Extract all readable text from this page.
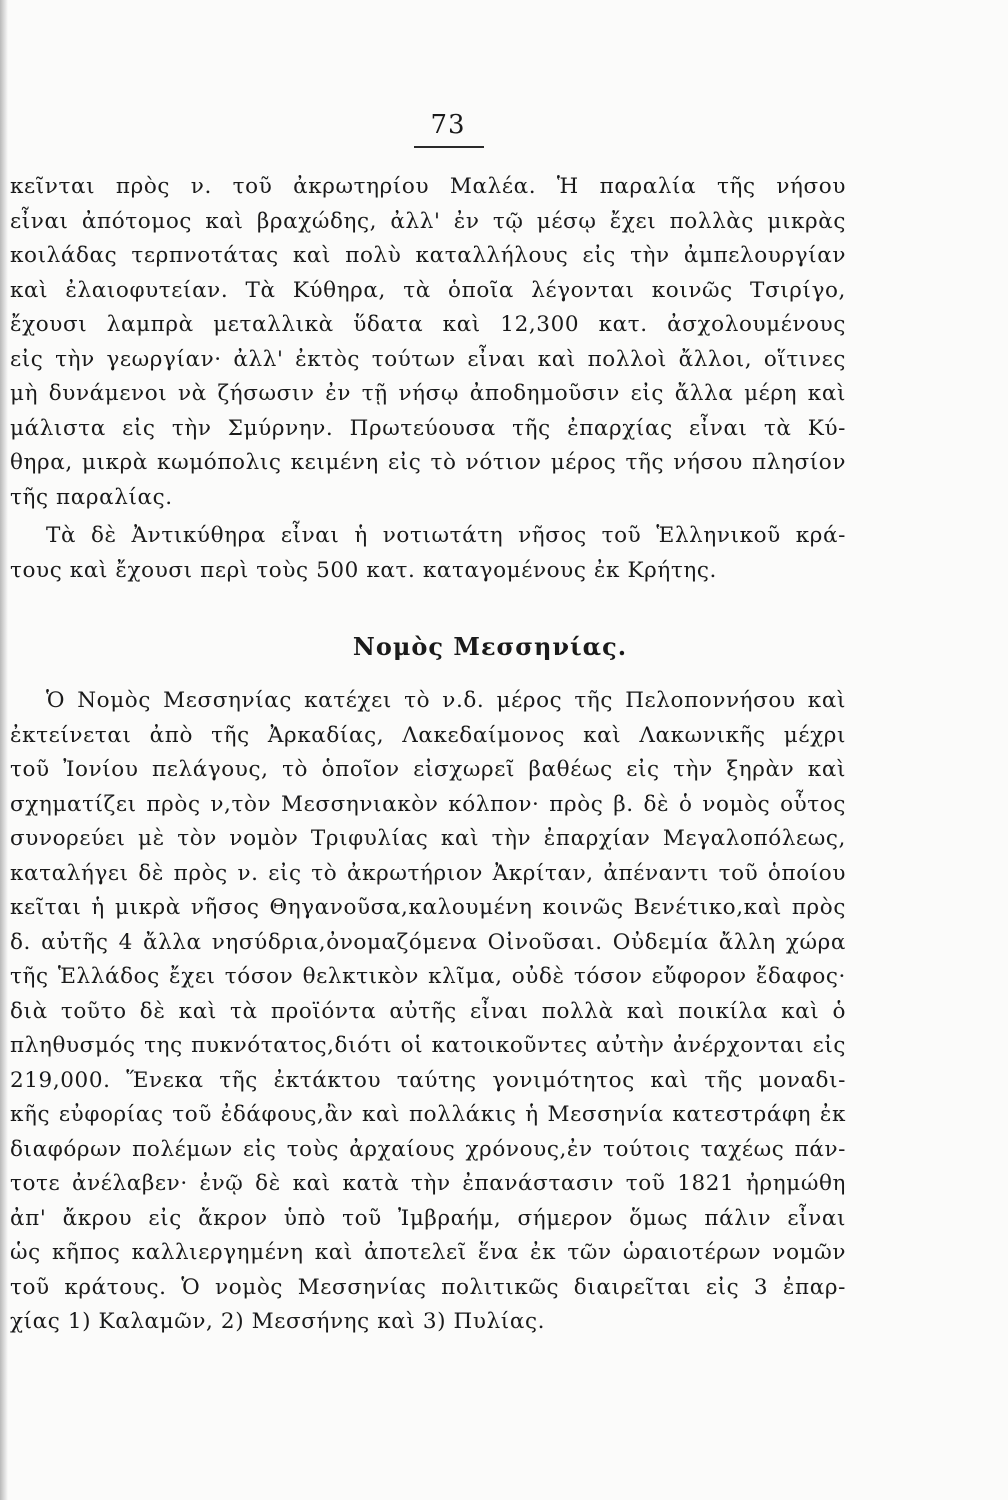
73
κεῖνται πρὸς ν. τοῦ ἀκρωτηρίου Μαλέα. Ἡ παραλία τῆς νήσου
εἶναι ἀπότομος καὶ βραχώδης, ἀλλ' ἐν τῷ μέσῳ ἔχει πολλὰς μικρὰς
κοιλάδας τερπνοτάτας καὶ πολὺ καταλλήλους εἰς τὴν ἀμπελουργίαν
καὶ ἐλαιοφυτείαν. Τὰ Κύθηρα, τὰ ὁποῖα λέγονται κοινῶς Τσιρίγο,
ἔχουσι λαμπρὰ μεταλλικὰ ὕδατα καὶ 12,300 κατ. ἀσχολουμένους
εἰς τὴν γεωργίαν· ἀλλ' ἐκτὸς τούτων εἶναι καὶ πολλοὶ ἄλλοι, οἵτινες
μὴ δυνάμενοι νὰ ζήσωσιν ἐν τῇ νήσῳ ἀποδημοῦσιν εἰς ἄλλα μέρη καὶ
μάλιστα εἰς τὴν Σμύρνην. Πρωτεύουσα τῆς ἐπαρχίας εἶναι τὰ Κύ-
θηρα, μικρὰ κωμόπολις κειμένη εἰς τὸ νότιον μέρος τῆς νήσου πλησίον
τῆς παραλίας.
Τὰ δὲ Ἀντικύθηρα εἶναι ἡ νοτιωτάτη νῆσος τοῦ Ἑλληνικοῦ κρά-
τους καὶ ἔχουσι περὶ τοὺς 500 κατ. καταγομένους ἐκ Κρήτης.
Νομὸς Μεσσηνίας.
Ὁ Νομὸς Μεσσηνίας κατέχει τὸ ν.δ. μέρος τῆς Πελοποννήσου καὶ
ἐκτείνεται ἀπὸ τῆς Ἀρκαδίας, Λακεδαίμονος καὶ Λακωνικῆς μέχρι
τοῦ Ἰονίου πελάγους, τὸ ὁποῖον εἰσχωρεῖ βαθέως εἰς τὴν ξηρὰν καὶ
σχηματίζει πρὸς ν,τὸν Μεσσηνιακὸν κόλπον· πρὸς β. δὲ ὁ νομὸς οὗτος
συνορεύει μὲ τὸν νομὸν Τριφυλίας καὶ τὴν ἐπαρχίαν Μεγαλοπόλεως,
καταλήγει δὲ πρὸς ν. εἰς τὸ ἀκρωτήριον Ἀκρίταν, ἀπέναντι τοῦ ὁποίου
κεῖται ἡ μικρὰ νῆσος Θηγανοῦσα,καλουμένη κοινῶς Βενέτικο,καὶ πρὸς
δ. αὐτῆς 4 ἄλλα νησύδρια,ὀνομαζόμενα Οἰνοῦσαι. Οὐδεμία ἄλλη χώρα
τῆς Ἑλλάδος ἔχει τόσον θελκτικὸν κλῖμα, οὐδὲ τόσον εὔφορον ἔδαφος·
διὰ τοῦτο δὲ καὶ τὰ προϊόντα αὐτῆς εἶναι πολλὰ καὶ ποικίλα καὶ ὁ
πληθυσμός της πυκνότατος,διότι οἱ κατοικοῦντες αὐτὴν ἀνέρχονται εἰς
219,000. Ἕνεκα τῆς ἐκτάκτου ταύτης γονιμότητος καὶ τῆς μοναδι-
κῆς εὐφορίας τοῦ ἐδάφους,ἂν καὶ πολλάκις ἡ Μεσσηνία κατεστράφη ἐκ
διαφόρων πολέμων εἰς τοὺς ἀρχαίους χρόνους,ἐν τούτοις ταχέως πάν-
τοτε ἀνέλαβεν· ἐνῷ δὲ καὶ κατὰ τὴν ἐπανάστασιν τοῦ 1821 ἠρημώθη
ἀπ' ἄκρου εἰς ἄκρον ὑπὸ τοῦ Ἰμβραήμ, σήμερον ὅμως πάλιν εἶναι
ὡς κῆπος καλλιεργημένη καὶ ἀποτελεῖ ἕνα ἐκ τῶν ὡραιοτέρων νομῶν
τοῦ κράτους. Ὁ νομὸς Μεσσηνίας πολιτικῶς διαιρεῖται εἰς 3 ἐπαρ-
χίας 1) Καλαμῶν, 2) Μεσσήνης καὶ 3) Πυλίας.
